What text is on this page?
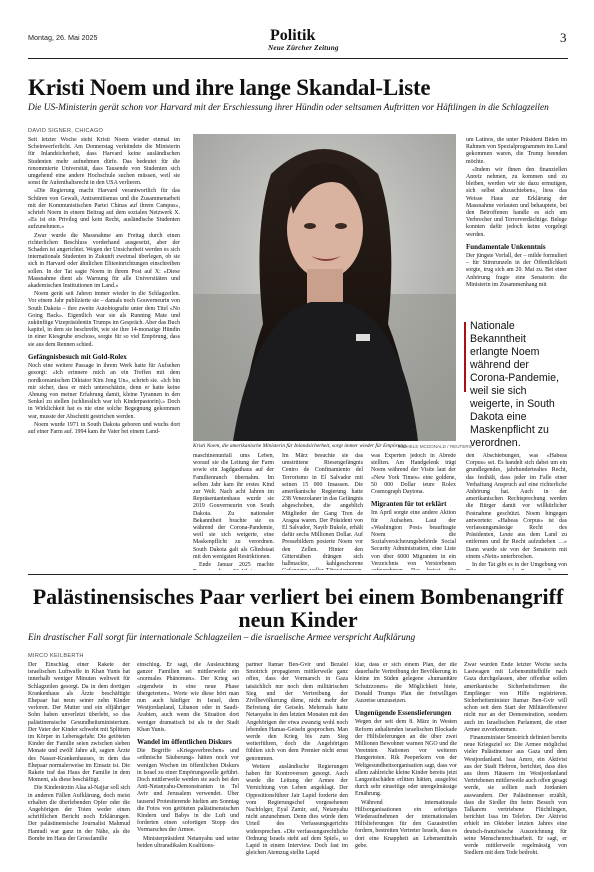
Montag, 26. Mai 2025	Politik
Neue Zürcher Zeitung
3
Kristi Noem und ihre lange Skandal-Liste
Die US-Ministerin gerät schon vor Harvard mit der Erschiessung ihrer Hündin oder seltsamen Auftritten vor Häftlingen in die Schlagzeilen
DAVID SIGNER, CHICAGO

Seit letzter Woche steht Kristi Noem wieder einmal im Scheinwerferlicht. Am Donnerstag verkündete die Ministerin für Inlandsicherheit, dass Harvard keine ausländischen Studenten mehr aufnehmen dürfe. Das bedeutet für die renommierte Universität, dass Tausende von Studenten sich umgehend eine andere Hochschule suchen müssen, weil sie sonst ihr Aufenthaltsrecht in den USA verlieren.

«Die Regierung macht Harvard verantwortlich für das Schüren von Gewalt, Antisemitismus und die Zusammenarbeit mit der Kommunistischen Partei Chinas auf ihrem Campus», schrieb Noem in einem Beitrag auf dem sozialen Netzwerk X. «Es ist ein Privileg und kein Recht, ausländische Studenten aufzunehmen.»

Zwar wurde die Massnahme am Freitag durch einen richterlichen Beschluss vorderhand ausgesetzt, aber der Schaden ist angerichtet. Wegen der Unsicherheit werden es sich internationale Studenten in Zukunft zweimal überlegen, ob sie sich in Harvard oder ähnlichen Eliteeinrichtungen einschreiben sollen. In der Tat sagte Noem in ihrem Post auf X: «Diese Massnahme dient als Warnung für alle Universitäten und akademischen Institutionen im Land.»

Noem gerät seit Jahren immer wieder in die Schlagzeilen. Vor einem Jahr publizierte sie – damals noch Gouverneurin von South Dakota – ihre zweite Autobiografie unter dem Titel «No Going Back». Eigentlich war sie als Running Mate und zukünftige Vizepräsidentin Trumps im Gespräch. Aber das Buch kapitel, in dem sie beschreibt, wie sie ihre 14-monatige Hündin in einer Kiesgrube erschoss, sorgte für so viel Empörung, dass sie aus dem Rennen schied.

Gefängnisbesuch mit Gold-Rolex

Noch eine weitere Passage in ihrem Werk hatte für Aufsehen gesorgt: «Ich erinnere mich an ein Treffen mit dem nordkoreanischen Diktator Kim Jong Un», schrieb sie. «Ich bin mir sicher, dass er mich unterschätzte, denn er hatte keine Ahnung von meiner Erfahrung damit, kleine Tyrannen in den Senkel zu stellen (schliesslich war ich Kinderpastorin).» Doch in Wirklichkeit hat es nie eine solche Begegnung gekommen war, musste der Abschnitt gestrichen werden.

Noem wurde 1971 in South Dakota geboren und wuchs dort auf einer Farm auf. 1994 kam ihr Vater bei einem Land-

Kristi Noem, die amerikanische Ministerin für Inlandsicherheit, sorgt immer wieder für Empörung.
MICHELE MCDONALD / REUTERS

um Latinos, die unter Präsident Biden im Rahmen von Spezialprogrammen ins Land gekommen waren, die Trump beenden möchte.

«Indem wir ihnen den finanziellen Anreiz nehmen, zu kommen und zu bleiben, werden wir sie dazu ermutigen, sich selbst abzuschieben», liess das Weisse Haus zur Erklärung der Massnahme verlauten und behauptete, bei den Betroffenen handle es sich um Verbrecher und Terrorverdächtige. Belege konnten dafür jedoch keine vorgelegt werden.

Fundamentale Unkenntnis

Der jüngste Vorfall, der – milde formuliert – für Stirnrunzeln in der Öffentlichkeit sorgte, trug sich am 20. Mai zu. Bei einer Anhörung fragte eine Senatorin die Ministerin im Zusammenhang mit

Nationale Bekanntheit erlangte Noem während der Corona-Pandemie, weil sie sich weigerte, in South Dakota eine Maskenpflicht zu verordnen.

maschinenunfall ums Leben, worauf sie die Leitung der Farm sowie ein Jagdgasthaus auf der Familienranch übernahm. Im selben Jahr kam ihr erstes Kind zur Welt. Nach acht Jahren im Repräsentantenhaus wurde sie 2019 Gouverneurin von South Dakota. Zu nationaler Bekanntheit brachte sie es während der Corona-Pandemie, weil sie sich weigerte, eine Maskenpflicht zu verordnen. South Dakota galt als Gliedstaat mit den wenigsten Restriktionen.

Ende Januar 2025 machte

Im März besuchte sie das umstrittene Riesengefängnis Centro de Confinamiento del Terrorismo in El Salvador mit seinen 15 000 Insassen. Die amerikanische Regierung hatte 238 Venezolaner in das Gefängnis abgeschoben, die angeblich Mitglieder der Gang Tren de Aragua waren. Der Präsident von El Salvador, Nayib Bukele, erhält dafür sechs Millionen Dollar. Auf Pressebildern posierte Noem vor den Zellen. Hinter den Gitterstäben drängen sich halbnackte, kahlgeschorene

was Experten jedoch in Abrede stellten. Am Handgelenk trägt Noem während der Visite laut der «New York Times» eine goldene, 50 000 Dollar teure Rolex Cosmograph Daytona.

Migranten für tot erklärt

Im April sorgte eine andere Aktion für Aufsehen. Laut der «Washington Post» beauftragte Noem die Sozialversicherungsbehörde Social Security Administration, eine Liste von über 6000 Migranten in ein Verzeichnis von Verstorbenen

den Abschiebungen, was «Habeas Corpus» sei. Es handelt sich dabei um ein grundlegendes, jahrhundertealtes Recht, das festhält, dass jeder im Falle einer Verhaftung Anspruch auf eine richterliche Anhörung hat. Auch in der amerikanischen Rechtsprechung werden die Bürger damit vor willkürlicher Festnahme geschützt. Noem hingegen antwortete: «Habeas Corpus» ist das verfassungsmässige Recht des Präsidenten, Leute aus dem Land zu entfernen und ihr Recht aufzuheben …» Dann wurde sie von der Senatorin mit einem «Nein» unterbrochen.

In der Tat gibt es in der Umgebung von

Palästinensisches Paar verliert bei einem Bombenangriff neun Kinder
Ein drastischer Fall sorgt für internationale Schlagzeilen – die israelische Armee verspricht Aufklärung
MIRCO KEILBERTH

Der Einschlag einer Rakete der israelischen Luftwaffe in Khan Yunis hat innerhalb weniger Minuten weltweit für Schlagzeilen gesorgt. Da in dem dortigen Krankenhaus als Ärzte beschäftigte Ehepaar hat neun seiner zehn Kinder verloren. Der Mutter und ein elfjähriger Sohn haben unverletzt überlebt, so das palästinensische Gesundheitsministerium. Der Vater der Kinder schwebt mit Splittern im Körper in Lebensgefahr. Die getöteten Kinder der Familie seien zwischen sieben Monate und zwölf Jahre alt, sagten Ärzte des Nasser-Krankenhauses, in dem das Ehepaar normalerweise im Einsatz ist. Die Rakete traf das Haus der Familie in dem Moment, als diese beschäftigt.

Die Kinderärztin Alaa al-Najjar soll sich in anderen Fällen Aufklärung, doch meist erhalten die überlebenden Opfer oder die Angehörigen der Toten weder einen schriftlichen Bericht noch Erklärungen. Der palästinensische Journalist Mahmud Hamudi war ganz in der Nähe, als die Bombe im Haus der Grossfamilie

einschlug. Er sagt, die Ausleuchtung ganzer Familien sei mittlerweile ein «normales Phänomen». Der Krieg sei «irgendwie in eine neue Phase übergetreten». Worte wie diese hört man nun auch häufiger in Israel, dem Westjordanland, Libanon oder in Saudi-Arabien, auch wenn die Situation dort weniger dramatisch ist als in der Stadt Khan Yunis.

Wandel im öffentlichen Diskurs

Die Begriffe «Kriegsverbrechen» und «ethnische Säuberung» hätten noch vor wenigen Wochen im öffentlichen Diskurs in Israel zu einer Empörungswelle geführt. Doch mittlerweile werden sie auch bei den Anti-Netanyahu-Demonstranten in Tel Aviv und Jerusalem verwendet. Über tausend Protestierende hielten am Sonntag die Fotos von getöteten palästinensischen Kindern und Babys in die Luft und forderten einen sofortigen Stopp des Vormarsches der Armee.

Ministerpräsident Netanyahu und seine beiden ultraradikalen Koalitions-

partner Itamar Ben-Gvir und Bezalel Smotrich propagieren mittlerweile ganz offen, dass der Vormarsch in Gaza tatsächlich nur noch dem militärischen Sieg und der Vertreibung der Zivilbevölkerung diene, nicht mehr der Befreiung der Geiseln. Mehrmals hatte Netanyahu in den letzten Monaten mit den Angehörigen der etwa zwanzig wohl noch lebenden Hamas-Geiseln gesprochen. Man werde den Krieg bis zum Sieg weiterführen, doch die Angehörigen fühlten sich von dem Premier nicht ernst genommen.

Weitere ausländische Regierungen haben für Kontroversen gesorgt. Auch wurde die Leitung der Armee der Vernichtung von Leben angeklagt. Der Oppositionsführer Jair Lapid forderte den vom Regierungschef vorgesehenen Nachfolger, Eyal Zamir, auf, Netanyahu nicht anzunehmen. Denn dies würde dem Urteil des Verfassungsgerichts widersprechen. «Die verfassungsrechtliche Ordnung Israels steht auf dem Spiel», so Lapid in einem Interview. Doch fast im gleichen Atemzug stellte Lapid

klar, dass er sich einem Plan, der die dauerhafte Vertreibung der Bevölkerung in kleine im Süden gelegene «humanitäre Schutzzonen» die Möglichkeit biete, Donald Trumps Plan der freiwilligen Ausreise umzusetzen.

Ungenügende Essenslieferungen

Wegen der seit dem 8. März in Westen Reform anhaltenden israelischen Blockade der Hilfslieferungen an die über zwei Millionen Bewohner warnen NGO und die Vereinten Nationen vor weiteren Hungertoten. Rik Peeperkorn von der Weltgesundheitsorganisation sagt, dass vor allem zahlreiche kleine Kinder bereits jetzt Langzeitschäden erlitten hätten, ausgelöst durch sehr einseitige oder unregelmässige Ernährung.

Während internationale Hilfsorganisationen ein sofortiges Wiederaufnehmen der internationalen Hilfslieferungen für den Gazastreifen fordern, bestreiten Vertreter Israels, dass es dort eine Knappheit an Lebensmitteln gebe.

Zwar wurden Ende letzter Woche sechs Lastwagen mit Lebensmittelhilfe nach Gaza durchgelassen, aber offenbar sollen amerikanische Sicherheitsfirmen die Empfänger von Hilfe registrieren. Sicherheitsminister Itamar Ben-Gvir will schon seit dem Start der Militäroffensive nicht nur an der Demonstration, sondern auch im Israelischen Parlament, die einer Armee zuvorkommen.

Finanzminister Smotrich definiert bereits neue Kriegsziel so: Die Armee möglichst vieler Palästinenser aus Gaza und dem Westjordanland. Issa Amro, ein Aktivist aus der Stadt Hebron, berichtet, dass dies aus ihren Häusern im Westjordanland Vertriebenen mittlerweile auch offen gesagt werde, sie sollten nach Jordanien auswandern. Der Palästinenser erzählt, dass die Siedler ihn beim Besuch von Talkarem vertriebene Flüchtlingen, berichtet Issa im Telefon. Der Aktivist erhielt im Oktober letzten Jahres eine deutsch-französische Auszeichnung für seine Menschenrechtsarbeit. Er sagt, er werde mittlerweile regelmässig von Siedlern mit dem Tode bedroht.
